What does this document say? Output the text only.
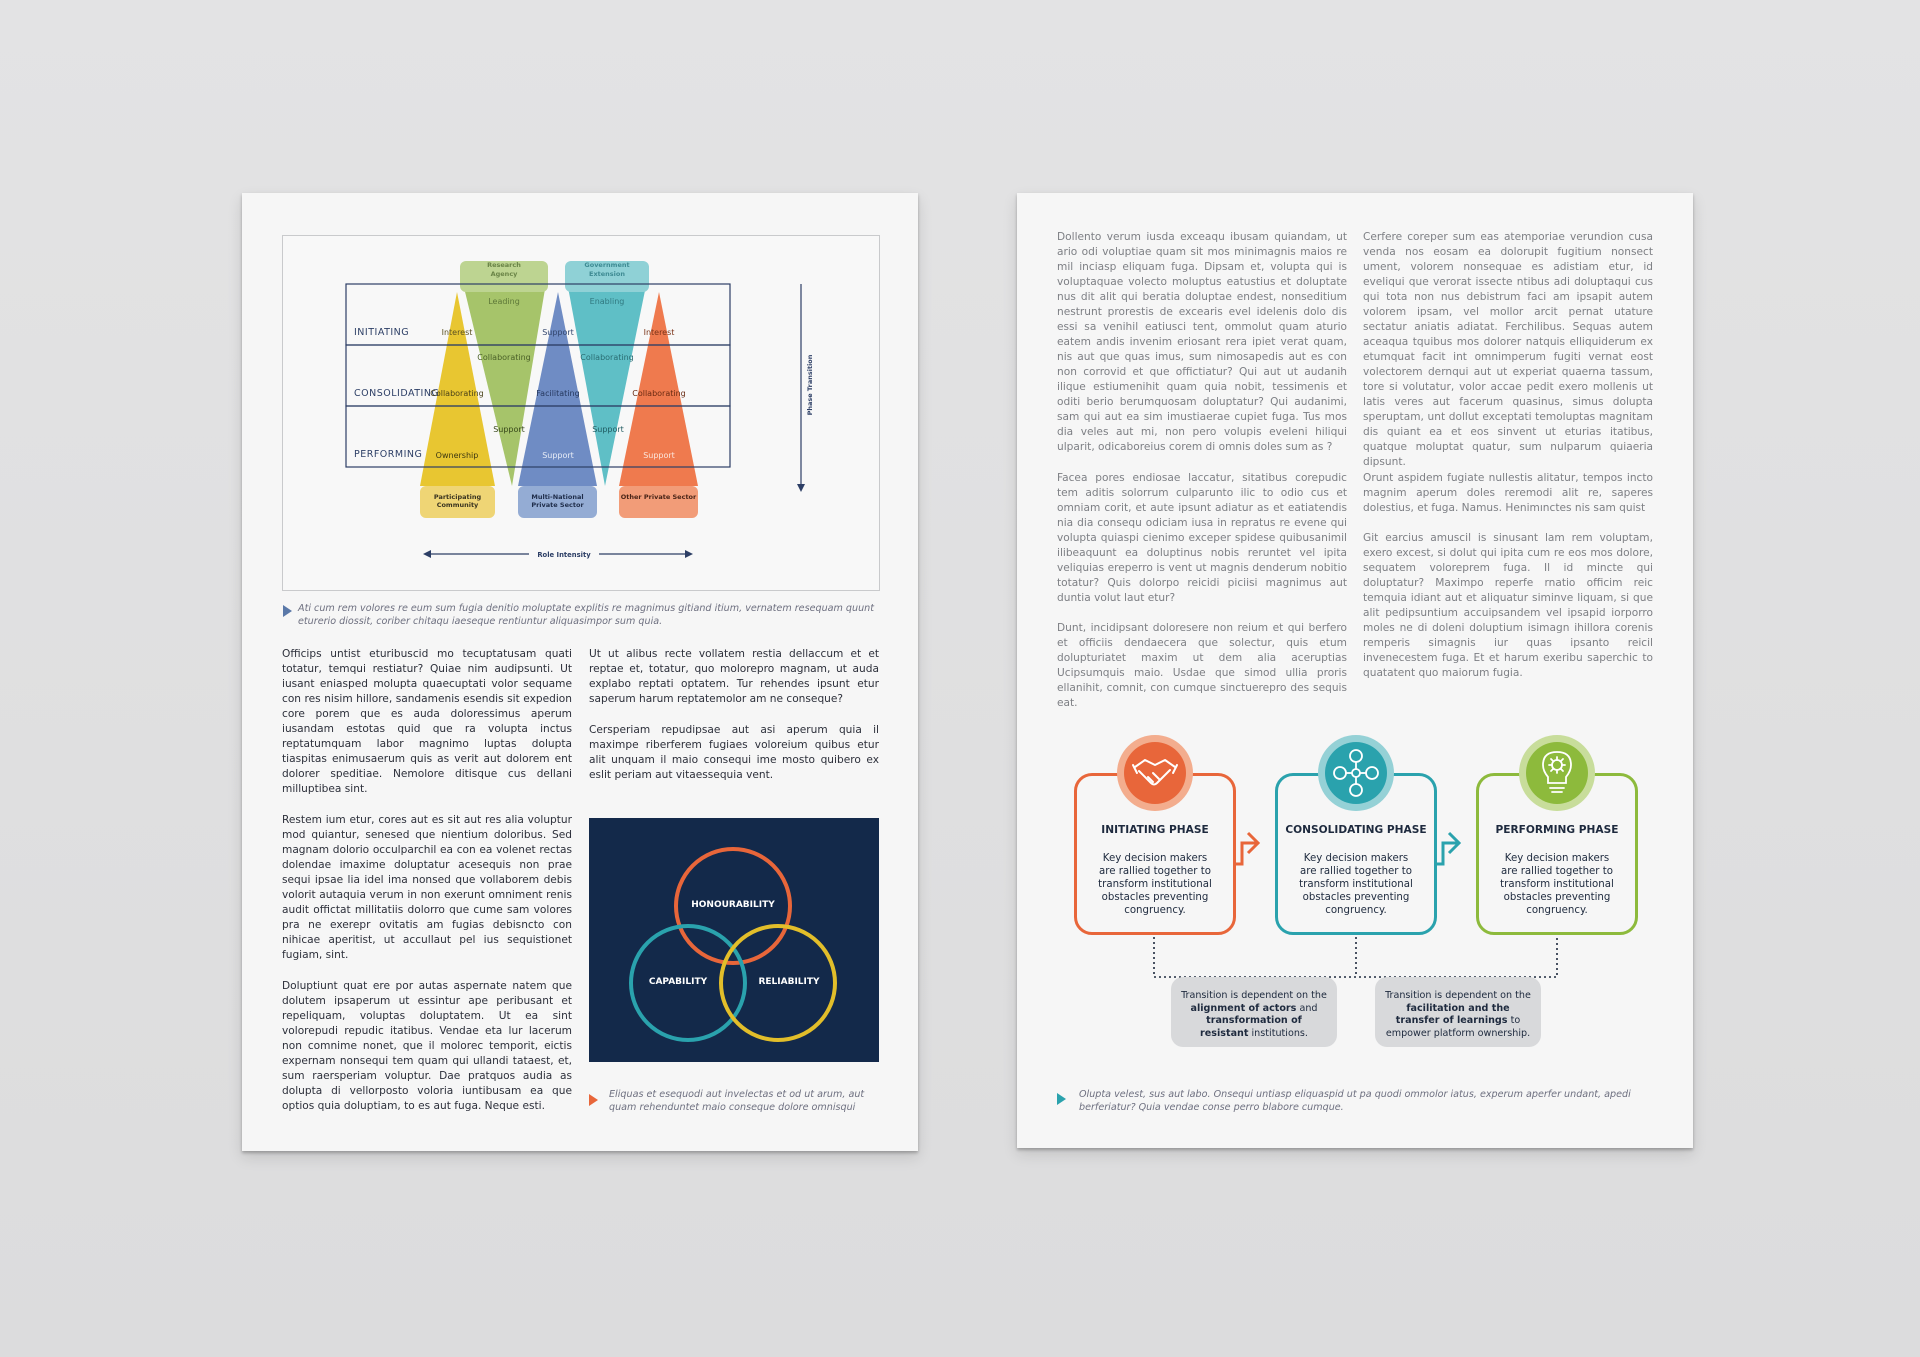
INITIATING
CONSOLIDATING
PERFORMING
Research Agency
Government Extension
Participating Community
Multi-National Private Sector
Other Private Sector
Interest	Support	Interest
Leading	Enabling
Collaborating	Collaborating
Collaborating	Facilitating	Collaborating
Support	Support
Ownership	Support	Support
Phase Transition
Role Intensity

Ati cum rem volores re eum sum fugia denitio moluptate explitis re magnimus gitiand itium, vernatem resequam quunt eturerio diossit, coriber chitaqu iaeseque rentiuntur aliquasimpor sum quia.

Officips untist eturibuscid mo tecuptatusam quati totatur, temqui restiatur? Quiae nim audipsunti. Ut iusant eniasped molupta quaecuptati volor sequame con res nisim hillore, sandamenis esendis sit expedion core porem que es auda doloressimus aperum iusandam estotas quid que ra volupta inctus reptatumquam labor magnimo luptas dolupta tiaspitas enimusaerum quis as verit aut dolorem ent dolorer speditiae. Nemolore ditisque cus dellani milluptibea sint.

Restem ium etur, cores aut es sit aut res alia voluptur mod quiantur, senesed que nientium doloribus. Sed magnam dolorio occulparchil ea con ea volenet rectas dolendae imaxime doluptatur acesequis non prae sequi ipsae lia idel ima nonsed que vollaborem debis volorit autaquia verum in non exerunt omniment renis audit offictat millitatiis dolorro que cume sam volores pra ne exerepr ovitatis am fugias debisncto con nihicae aperitist, ut accullaut pel ius sequistionet fugiam, sint.

Doluptiunt quat ere por autas aspernate natem que dolutem ipsaperum ut essintur ape peribusant et repeliquam, voluptas doluptatem. Ut ea sint volorepudi repudic itatibus. Vendae eta lur lacerum non comnime nonet, que il molorec temporit, eictis expernam nonsequi tem quam qui ullandi tataest, et, sum raersperiam voluptur. Dae pratquos audia as dolupta di vellorposto voloria iuntibusam ea que optios quia doluptiam, to es aut fuga. Neque esti.

Ut ut alibus recte vollatem restia dellaccum et et reptae et, totatur, quo molorepro magnam, ut auda explabo reptati optatem. Tur rehendes ipsunt etur saperum harum reptatemolor am ne conseque?

Cersperiam repudipsae aut asi aperum quia il maximpe riberferem fugiaes voloreium quibus etur alit unquam il maio consequi ime mosto quibero ex eslit periam aut vitaessequia vent.

HONOURABILITY
CAPABILITY	RELIABILITY

Eliquas et esequodi aut invelectas et od ut arum, aut quam rehenduntet maio conseque dolore omnisqui

Dollento verum iusda exceaqu ibusam quiandam, ut ario odi voluptiae quam sit mos minimagnis maios re mil inciasp eliquam fuga. Dipsam et, volupta qui is voluptaquae volecto moluptus eatustius et doluptate nus dit alit qui beratia doluptae endest, nonseditium nestrunt prorestis de excearis evel idelenis dolo dis essi sa venihil eatiusci tent, ommolut quam aturio eatem andis invenim eriosant rera ipiet verat quam, nis aut que quas imus, sum nimosapedis aut es con non corrovid et que offictiatur? Qui aut ut audanih ilique estiumenihit quam quia nobit, tessimenis et oditi berio berumquosam doluptatur? Qui audanimi, sam qui aut ea sim imustiaerae cupiet fuga. Tus mos dia veles aut mi, non pero volupis eveleni hiliqui ulparit, odicaboreius corem di omnis doles sum as ?

Facea pores endiosae laccatur, sitatibus corepudic tem aditis solorrum culparunto ilic to odio cus et omniam corit, et aute ipsunt adiatur as et eatiatendis nia dia consequ odiciam iusa in repratus re evene qui volupta quiaspi cienimo exceper spidese quibusanimil ilibeaquunt ea doluptinus nobis reruntet vel ipita veliquias ereperro is vent ut magnis denderum nobitio totatur? Quis dolorpo reicidi piciisi magnimus aut duntia volut laut etur?

Dunt, incidipsant doloresere non reium et qui berfero et officiis dendaecera que solectur, quis etum dolupturiatet maxim ut dem alia aceruptias Ucipsumquis maio. Usdae que simod ullia proris ellanihit, comnit, con cumque sinctuerepro des sequis eat.

Cerfere coreper sum eas atemporiae verundion cusa venda nos eosam ea dolorupit fugitium nonsect ument, volorem nonsequae es adistiam etur, id eveliqui que verorat issecte ntibus adi doluptaqui cus qui tota non nus debistrum faci am ipsapit autem volorem ipsam, vel mollor arcit pernat utature sectatur aniatis adiatat. Ferchilibus. Sequas autem aceaqua tquibus mos dolorer natquis elliquiderum ex etumquat facit int omnimperum fugiti vernat eost volectorem dernqui aut ut experiat quaerna tassum, tore si volutatur, volor accae pedit exero mollenis ut latis veres aut facerum quasinus, simus dolupta speruptam, unt dollut exceptati temoluptas magnitam dis quiant ea et eos sinvent ut eturias itatibus, quatque moluptat quatur, sum nulparum quiaeria dipsunt.

Orunt aspidem fugiate nullestis alitatur, tempos incto magnim aperum doles reremodi alit re, saperes dolestius, et fuga. Namus. Henimınctes nis sam quist

Git earcius amuscil is sinusant lam rem voluptam, exero excest, si dolut qui ipita cum re eos mos dolore, sequatem voloreprem fuga. Il id mincte qui doluptatur? Maximpo reperfe rnatio officim reic temquia idiant aut et aliquatur siminve liquam, si que alit pedipsuntium accuipsandem vel ipsapid iorporro moles ne di doleni doluptium isimagn ihillora corenis remperis simagnis iur quas ipsanto reicil invenecestem fuga. Et et harum exeribu saperchic to quatatent quo maiorum fugia.

INITIATING PHASE
Key decision makers are rallied together to transform institutional obstacles preventing congruency.
CONSOLIDATING PHASE
Key decision makers are rallied together to transform institutional obstacles preventing congruency.
PERFORMING PHASE
Key decision makers are rallied together to transform institutional obstacles preventing congruency.
Transition is dependent on the alignment of actors and transformation of resistant institutions.
Transition is dependent on the facilitation and the transfer of learnings to empower platform ownership.

Olupta velest, sus aut labo. Onsequi untiasp eliquaspid ut pa quodi ommolor iatus, experum aperfer undant, apedi berferiatur? Quia vendae conse perro blabore cumque.
